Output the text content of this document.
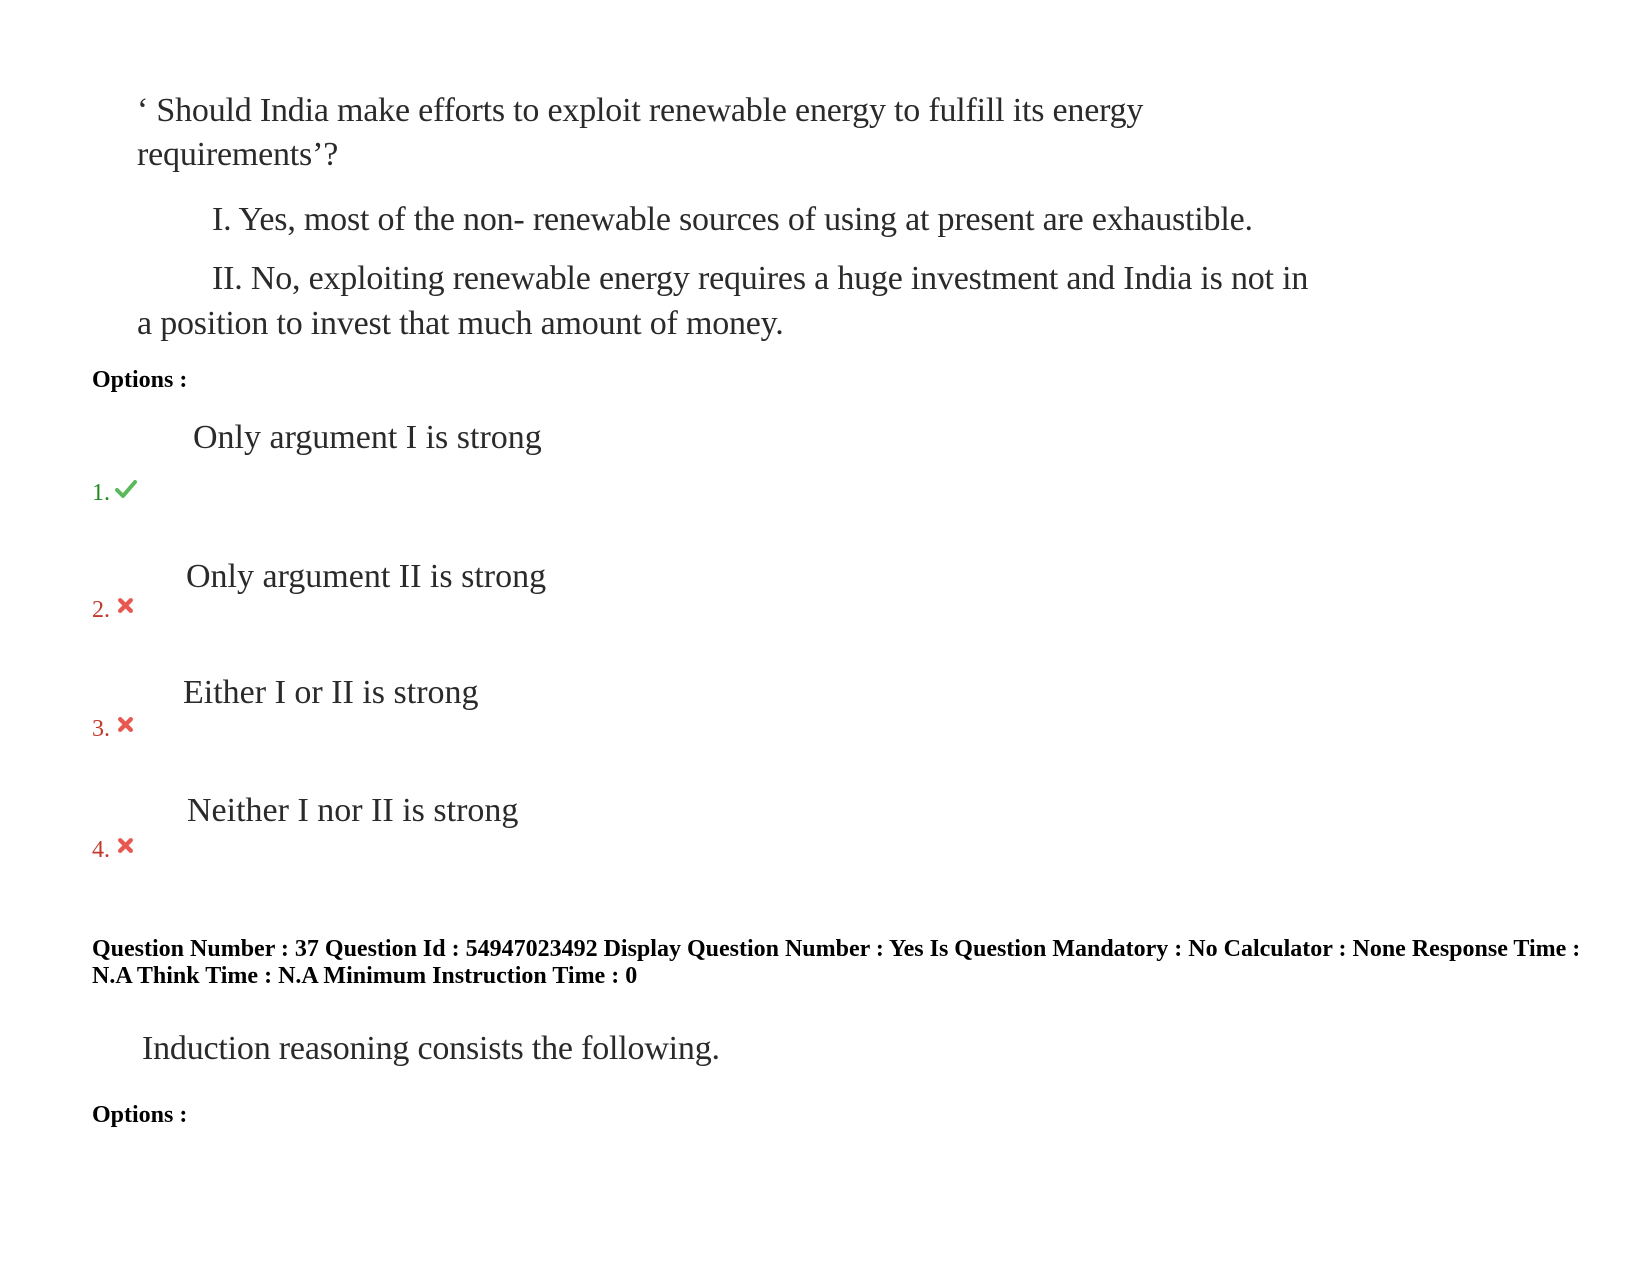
‘ Should India make efforts to exploit renewable energy to fulfill its energy
requirements’?
I. Yes, most of the non- renewable sources of using at present are exhaustible.
II. No, exploiting renewable energy requires a huge investment and India is not in
a position to invest that much amount of money.
Options :
Only argument I is strong
1.
Only argument II is strong
2.
Either I or II is strong
3.
Neither I nor II is strong
4.
Question Number : 37 Question Id : 54947023492 Display Question Number : Yes Is Question Mandatory : No Calculator : None Response Time : N.A Think Time : N.A Minimum Instruction Time : 0
Induction reasoning consists the following.
Options :
